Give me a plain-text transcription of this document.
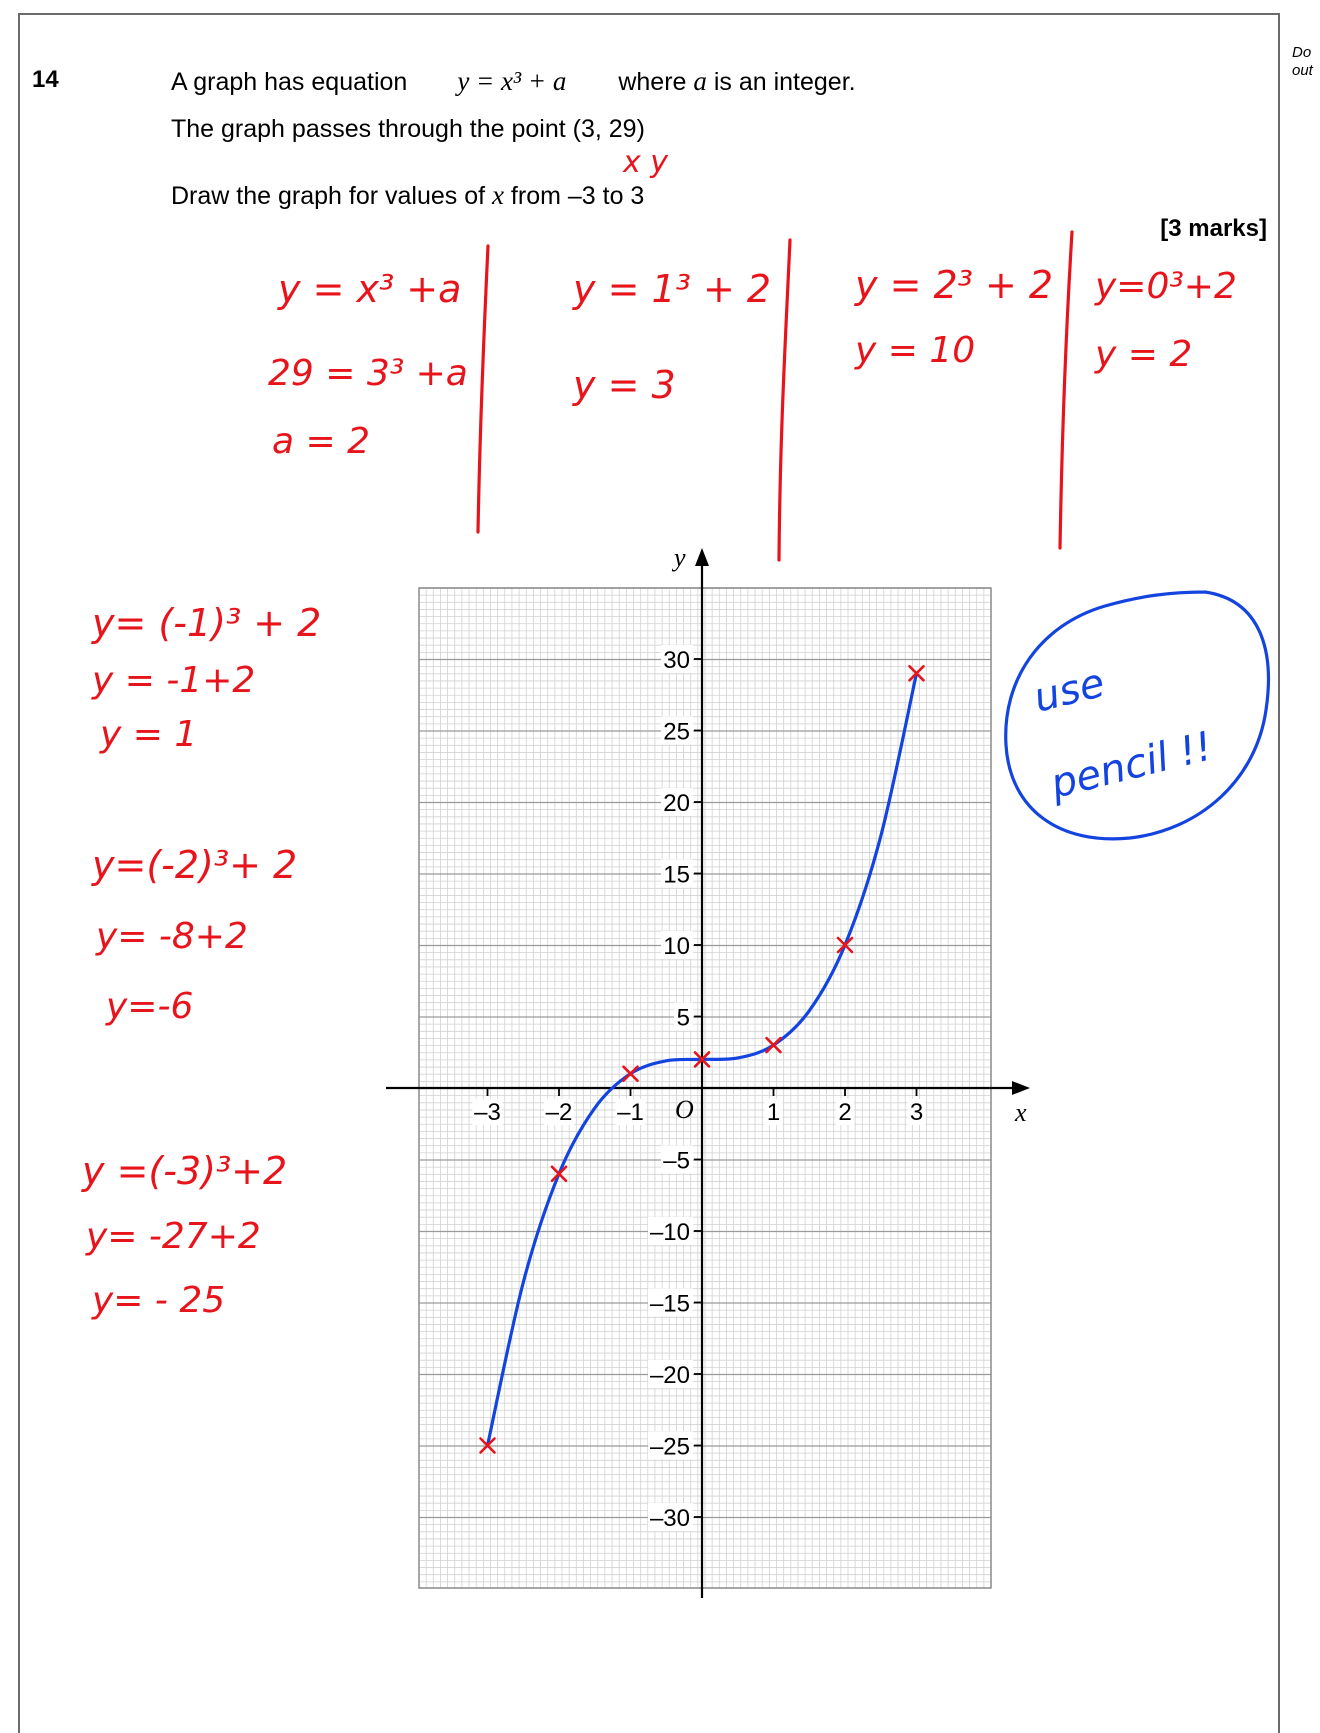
Do
out
14	A graph has equation y = x³ + a where a is an integer.
The graph passes through the point (3, 29)
Draw the graph for values of x from –3 to 3
[3 marks]
x y
y = x³ +a
29 = 3³ +a
a = 2
y = 1³ + 2
y = 3
y = 2³ + 2
y = 10
y=0³+2
y = 2
y= (-1)³ + 2
y = -1+2
y = 1
y=(-2)³+ 2
y= -8+2
y=-6
y =(-3)³+2
y= -27+2
y= - 25
use
pencil !!
x
y
O
–3 –2 –1	1 2 3
30
25
20
15
10
5
–5
–10
–15
–20
–25
–30
